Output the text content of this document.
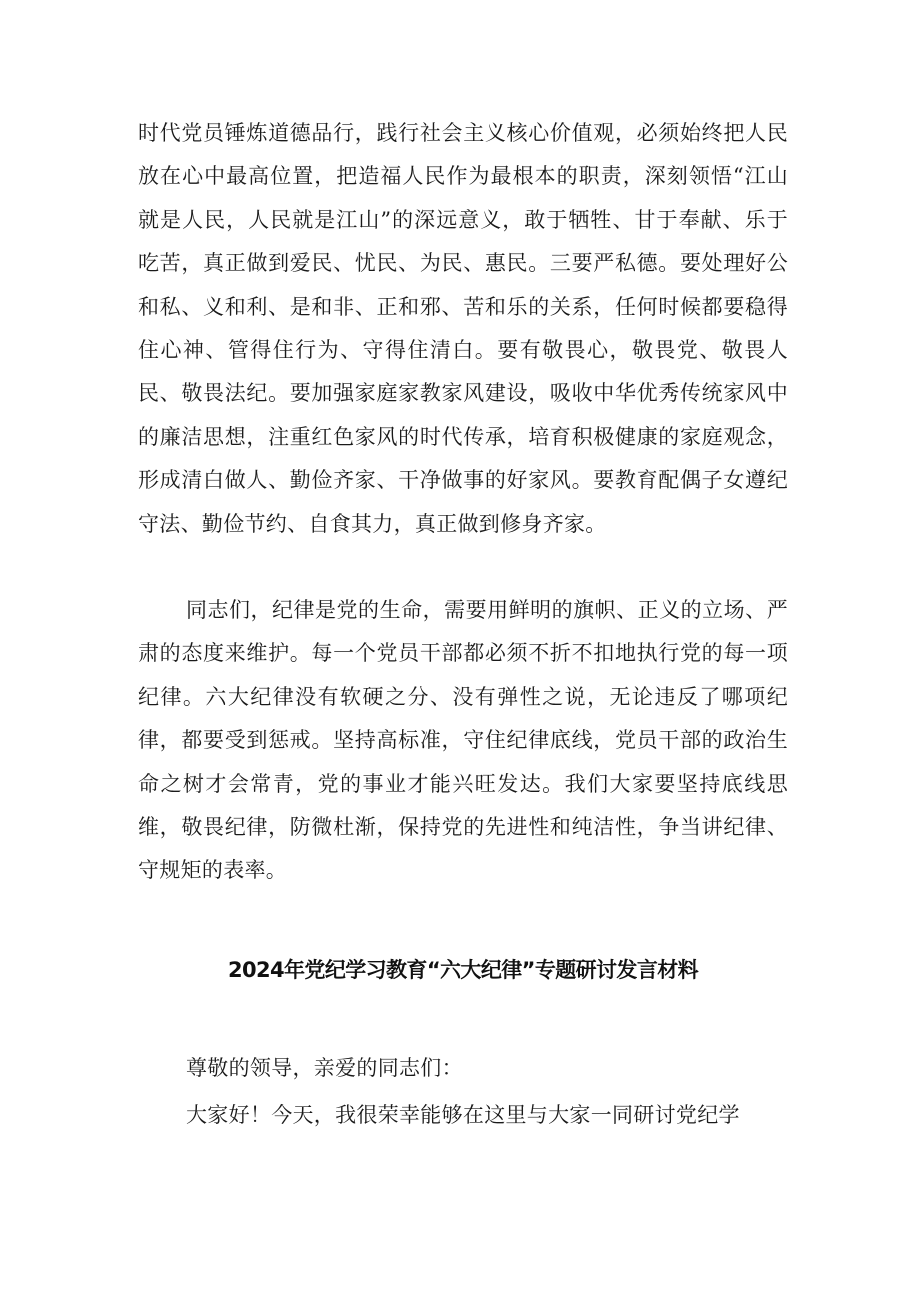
时代党员锤炼道德品行，践行社会主义核心价值观，必须始终把人民放在心中最高位置，把造福人民作为最根本的职责，深刻领悟“江山就是人民，人民就是江山”的深远意义，敢于牺牲、甘于奉献、乐于吃苦，真正做到爱民、忧民、为民、惠民。三要严私德。要处理好公和私、义和利、是和非、正和邪、苦和乐的关系，任何时候都要稳得住心神、管得住行为、守得住清白。要有敬畏心，敬畏党、敬畏人民、敬畏法纪。要加强家庭家教家风建设，吸收中华优秀传统家风中的廉洁思想，注重红色家风的时代传承，培育积极健康的家庭观念，形成清白做人、勤俭齐家、干净做事的好家风。要教育配偶子女遵纪守法、勤俭节约、自食其力，真正做到修身齐家。

同志们，纪律是党的生命，需要用鲜明的旗帜、正义的立场、严肃的态度来维护。每一个党员干部都必须不折不扣地执行党的每一项纪律。六大纪律没有软硬之分、没有弹性之说，无论违反了哪项纪律，都要受到惩戒。坚持高标准，守住纪律底线，党员干部的政治生命之树才会常青，党的事业才能兴旺发达。我们大家要坚持底线思维，敬畏纪律，防微杜渐，保持党的先进性和纯洁性，争当讲纪律、守规矩的表率。

2024年党纪学习教育“六大纪律”专题研讨发言材料

尊敬的领导，亲爱的同志们：

大家好！今天，我很荣幸能够在这里与大家一同研讨党纪学
